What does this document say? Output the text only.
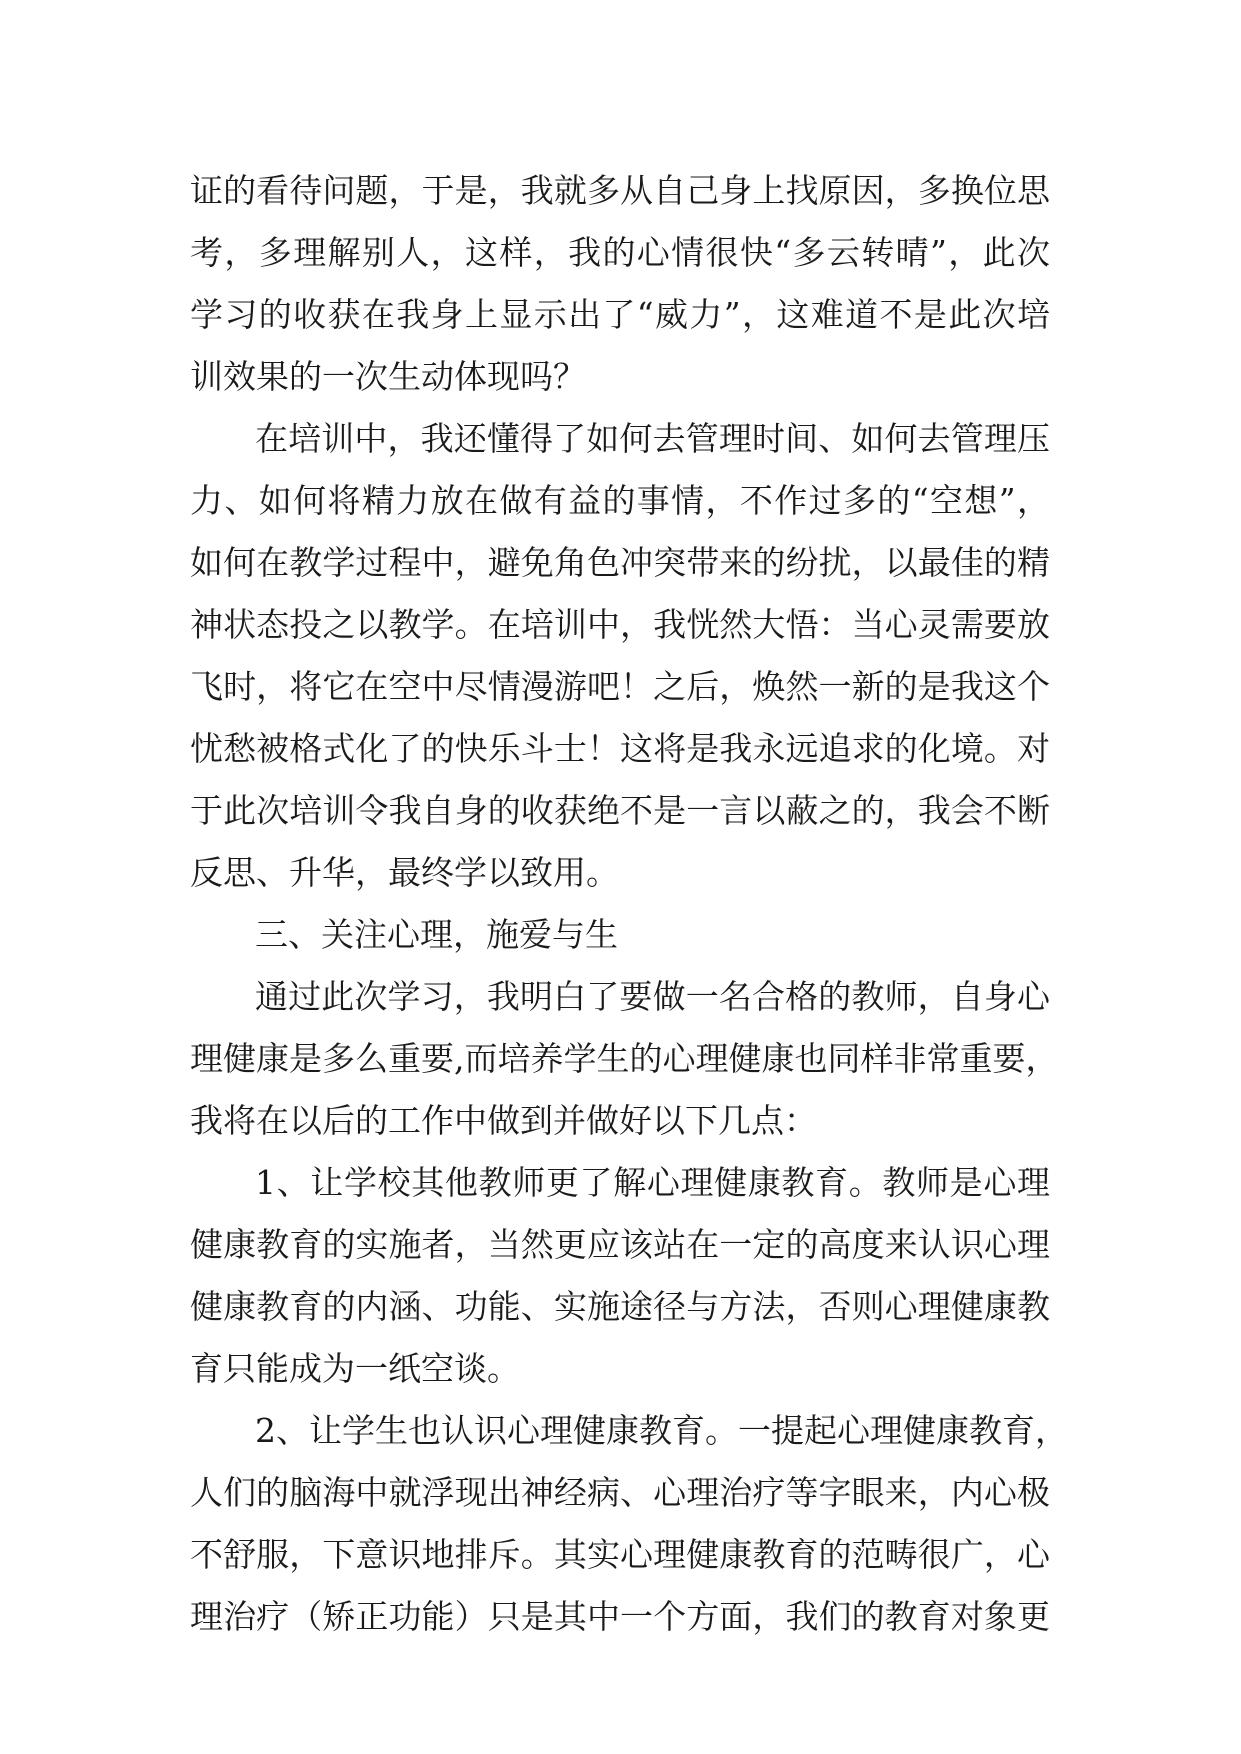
证的看待问题，于是，我就多从自己身上找原因，多换位思
考，多理解别人，这样，我的心情很快“多云转晴”，此次
学习的收获在我身上显示出了“威力”，这难道不是此次培
训效果的一次生动体现吗？
在培训中，我还懂得了如何去管理时间、如何去管理压
力、如何将精力放在做有益的事情，不作过多的“空想”，
如何在教学过程中，避免角色冲突带来的纷扰，以最佳的精
神状态投之以教学。在培训中，我恍然大悟：当心灵需要放
飞时，将它在空中尽情漫游吧！之后，焕然一新的是我这个
忧愁被格式化了的快乐斗士！这将是我永远追求的化境。对
于此次培训令我自身的收获绝不是一言以蔽之的，我会不断
反思、升华，最终学以致用。
三、关注心理，施爱与生
通过此次学习，我明白了要做一名合格的教师，自身心
理健康是多么重要,而培养学生的心理健康也同样非常重要，
我将在以后的工作中做到并做好以下几点：
1、让学校其他教师更了解心理健康教育。教师是心理
健康教育的实施者，当然更应该站在一定的高度来认识心理
健康教育的内涵、功能、实施途径与方法，否则心理健康教
育只能成为一纸空谈。
2、让学生也认识心理健康教育。一提起心理健康教育，
人们的脑海中就浮现出神经病、心理治疗等字眼来，内心极
不舒服，下意识地排斥。其实心理健康教育的范畴很广，心
理治疗（矫正功能）只是其中一个方面，我们的教育对象更
